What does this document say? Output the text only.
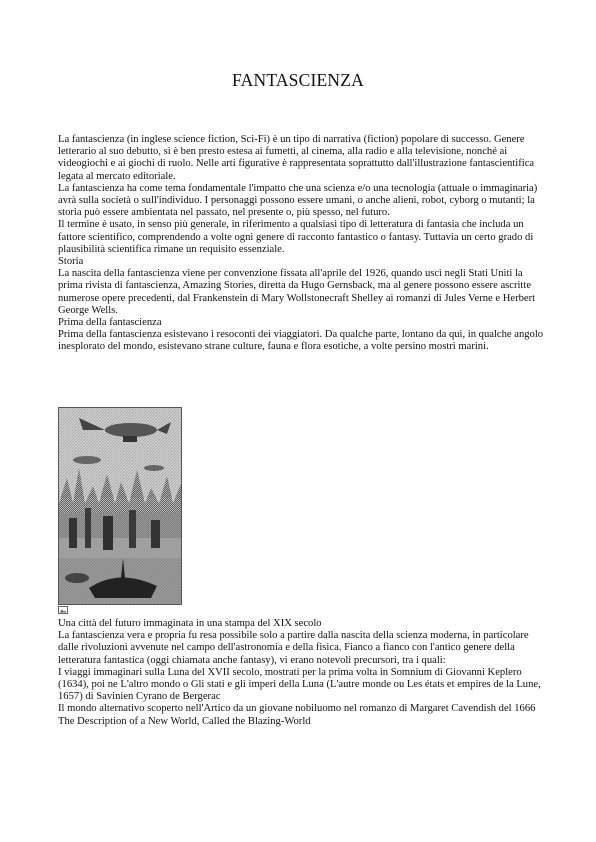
FANTASCIENZA

La fantascienza (in inglese science fiction, Sci-Fi) è un tipo di narrativa (fiction) popolare di successo. Genere letterario al suo debutto, si è ben presto estesa ai fumetti, al cinema, alla radio e alla televisione, nonché ai videogiochi e ai giochi di ruolo. Nelle arti figurative è rappresentata soprattutto dall'illustrazione fantascientifica legata al mercato editoriale.

La fantascienza ha come tema fondamentale l'impatto che una scienza e/o una tecnologia (attuale o immaginaria) avrà sulla società o sull'individuo. I personaggi possono essere umani, o anche alieni, robot, cyborg o mutanti; la storia può essere ambientata nel passato, nel presente o, più spesso, nel futuro.

Il termine è usato, in senso più generale, in riferimento a qualsiasi tipo di letteratura di fantasia che includa un fattore scientifico, comprendendo a volte ogni genere di racconto fantastico o fantasy. Tuttavia un certo grado di plausibilità scientifica rimane un requisito essenziale.

Storia

La nascita della fantascienza viene per convenzione fissata all'aprile del 1926, quando uscì negli Stati Uniti la prima rivista di fantascienza, Amazing Stories, diretta da Hugo Gernsback, ma al genere possono essere ascritte numerose opere precedenti, dal Frankenstein di Mary Wollstonecraft Shelley ai romanzi di Jules Verne e Herbert George Wells.

Prima della fantascienza

Prima della fantascienza esistevano i resoconti dei viaggiatori. Da qualche parte, lontano da qui, in qualche angolo inesplorato del mondo, esistevano strane culture, fauna e flora esotiche, a volte persino mostri marini.

Una città del futuro immaginata in una stampa del XIX secolo

La fantascienza vera e propria fu resa possibile solo a partire dalla nascita della scienza moderna, in particolare dalle rivoluzioni avvenute nel campo dell'astronomia e della fisica. Fianco a fianco con l'antico genere della letteratura fantastica (oggi chiamata anche fantasy), vi erano notevoli precursori, tra i quali:

I viaggi immaginari sulla Luna del XVII secolo, mostrati per la prima volta in Somnium di Giovanni Keplero (1634), poi ne L'altro mondo o Gli stati e gli imperi della Luna (L'autre monde ou Les états et empires de la Lune, 1657) di Savinien Cyrano de Bergerac

Il mondo alternativo scoperto nell'Artico da un giovane nobiluomo nel romanzo di Margaret Cavendish del 1666 The Description of a New World, Called the Blazing-World
